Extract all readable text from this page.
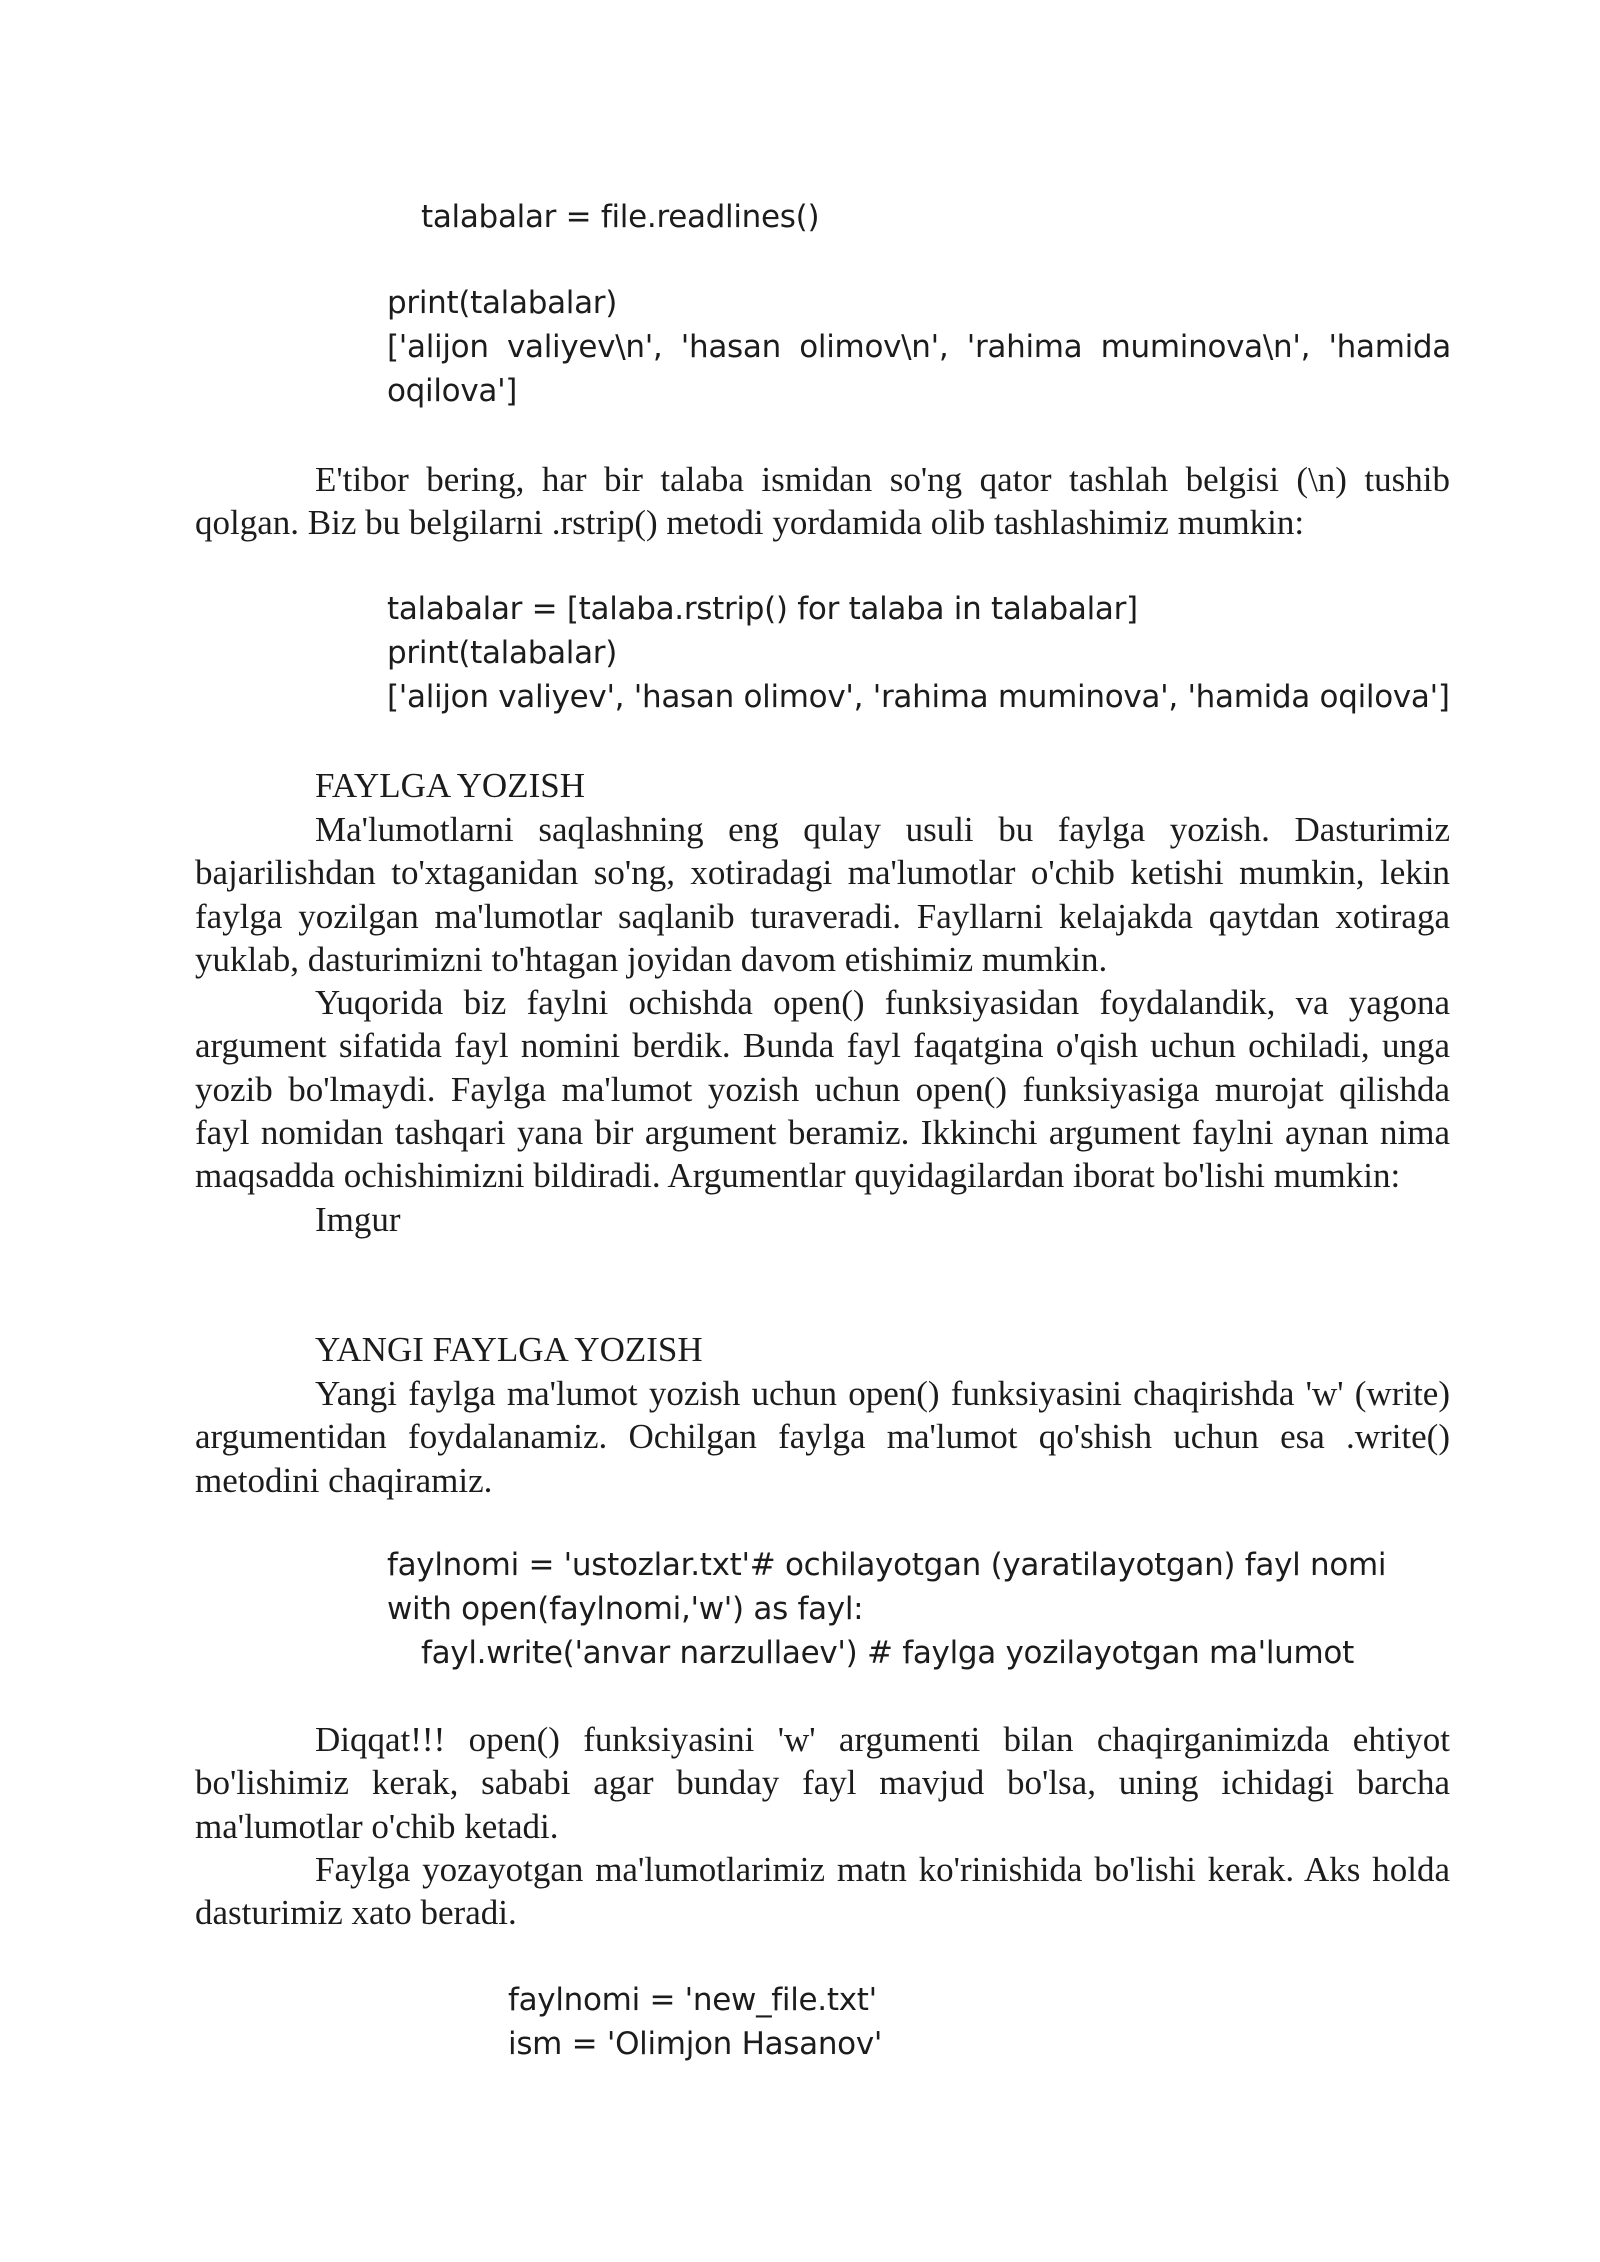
talabalar = file.readlines()
print(talabalar)
['alijon valiyev\n', 'hasan olimov\n', 'rahima muminova\n', 'hamida oqilova']

E'tibor bering, har bir talaba ismidan so'ng qator tashlah belgisi (\n) tushib qolgan. Biz bu belgilarni .rstrip() metodi yordamida olib tashlashimiz mumkin:

talabalar = [talaba.rstrip() for talaba in talabalar]
print(talabalar)
['alijon valiyev', 'hasan olimov', 'rahima muminova', 'hamida oqilova']
FAYLGA YOZISH

Ma'lumotlarni saqlashning eng qulay usuli bu faylga yozish. Dasturimiz bajarilishdan to'xtaganidan so'ng, xotiradagi ma'lumotlar o'chib ketishi mumkin, lekin faylga yozilgan ma'lumotlar saqlanib turaveradi. Fayllarni kelajakda qaytdan xotiraga yuklab, dasturimizni to'htagan joyidan davom etishimiz mumkin.

Yuqorida biz faylni ochishda open() funksiyasidan foydalandik, va yagona argument sifatida fayl nomini berdik. Bunda fayl faqatgina o'qish uchun ochiladi, unga yozib bo'lmaydi. Faylga ma'lumot yozish uchun open() funksiyasiga murojat qilishda fayl nomidan tashqari yana bir argument beramiz. Ikkinchi argument faylni aynan nima maqsadda ochishimizni bildiradi. Argumentlar quyidagilardan iborat bo'lishi mumkin:

Imgur

YANGI FAYLGA YOZISH

Yangi faylga ma'lumot yozish uchun open() funksiyasini chaqirishda 'w' (write) argumentidan foydalanamiz. Ochilgan faylga ma'lumot qo'shish uchun esa .write() metodini chaqiramiz.

faylnomi = 'ustozlar.txt'# ochilayotgan (yaratilayotgan) fayl nomi
with open(faylnomi,'w') as fayl:
fayl.write('anvar narzullaev') # faylga yozilayotgan ma'lumot

Diqqat!!! open() funksiyasini 'w' argumenti bilan chaqirganimizda ehtiyot bo'lishimiz kerak, sababi agar bunday fayl mavjud bo'lsa, uning ichidagi barcha ma'lumotlar o'chib ketadi.

Faylga yozayotgan ma'lumotlarimiz matn ko'rinishida bo'lishi kerak. Aks holda dasturimiz xato beradi.

faylnomi = 'new_file.txt'
ism = 'Olimjon Hasanov'
